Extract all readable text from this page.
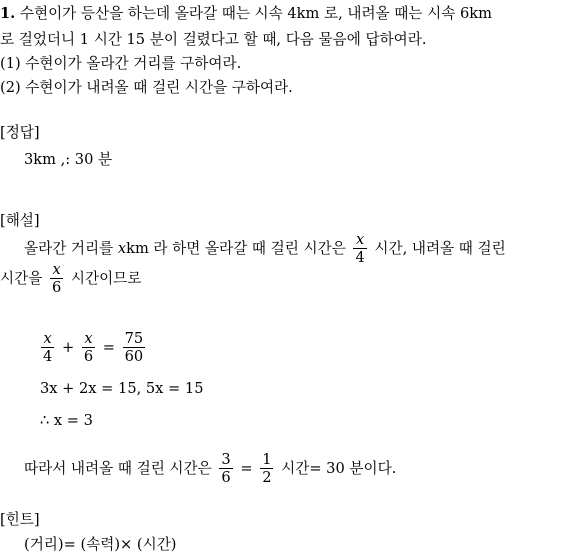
1. 수현이가 등산을 하는데 올라갈 때는 시속 4km 로, 내려올 때는 시속 6km
로 걸었더니 1 시간 15 분이 걸렸다고 할 때, 다음 물음에 답하여라.
(1) 수현이가 올라간 거리를 구하여라.
(2) 수현이가 내려올 때 걸린 시간을 구하여라.
[정답]
3km ,: 30 분
[해설]
올라간 거리를 xkm 라 하면 올라갈 때 걸린 시간은 $\frac{x}{4}$ 시간, 내려올 때 걸린
시간을 $\frac{x}{6}$ 시간이므로
$\frac{x}{4} + \frac{x}{6} = \frac{75}{60}$
3x + 2x = 15, 5x = 15
∴ x = 3
따라서 내려올 때 걸린 시간은 $\frac{3}{6} = \frac{1}{2}$ 시간= 30 분이다.
[힌트]
(거리)= (속력)× (시간)
